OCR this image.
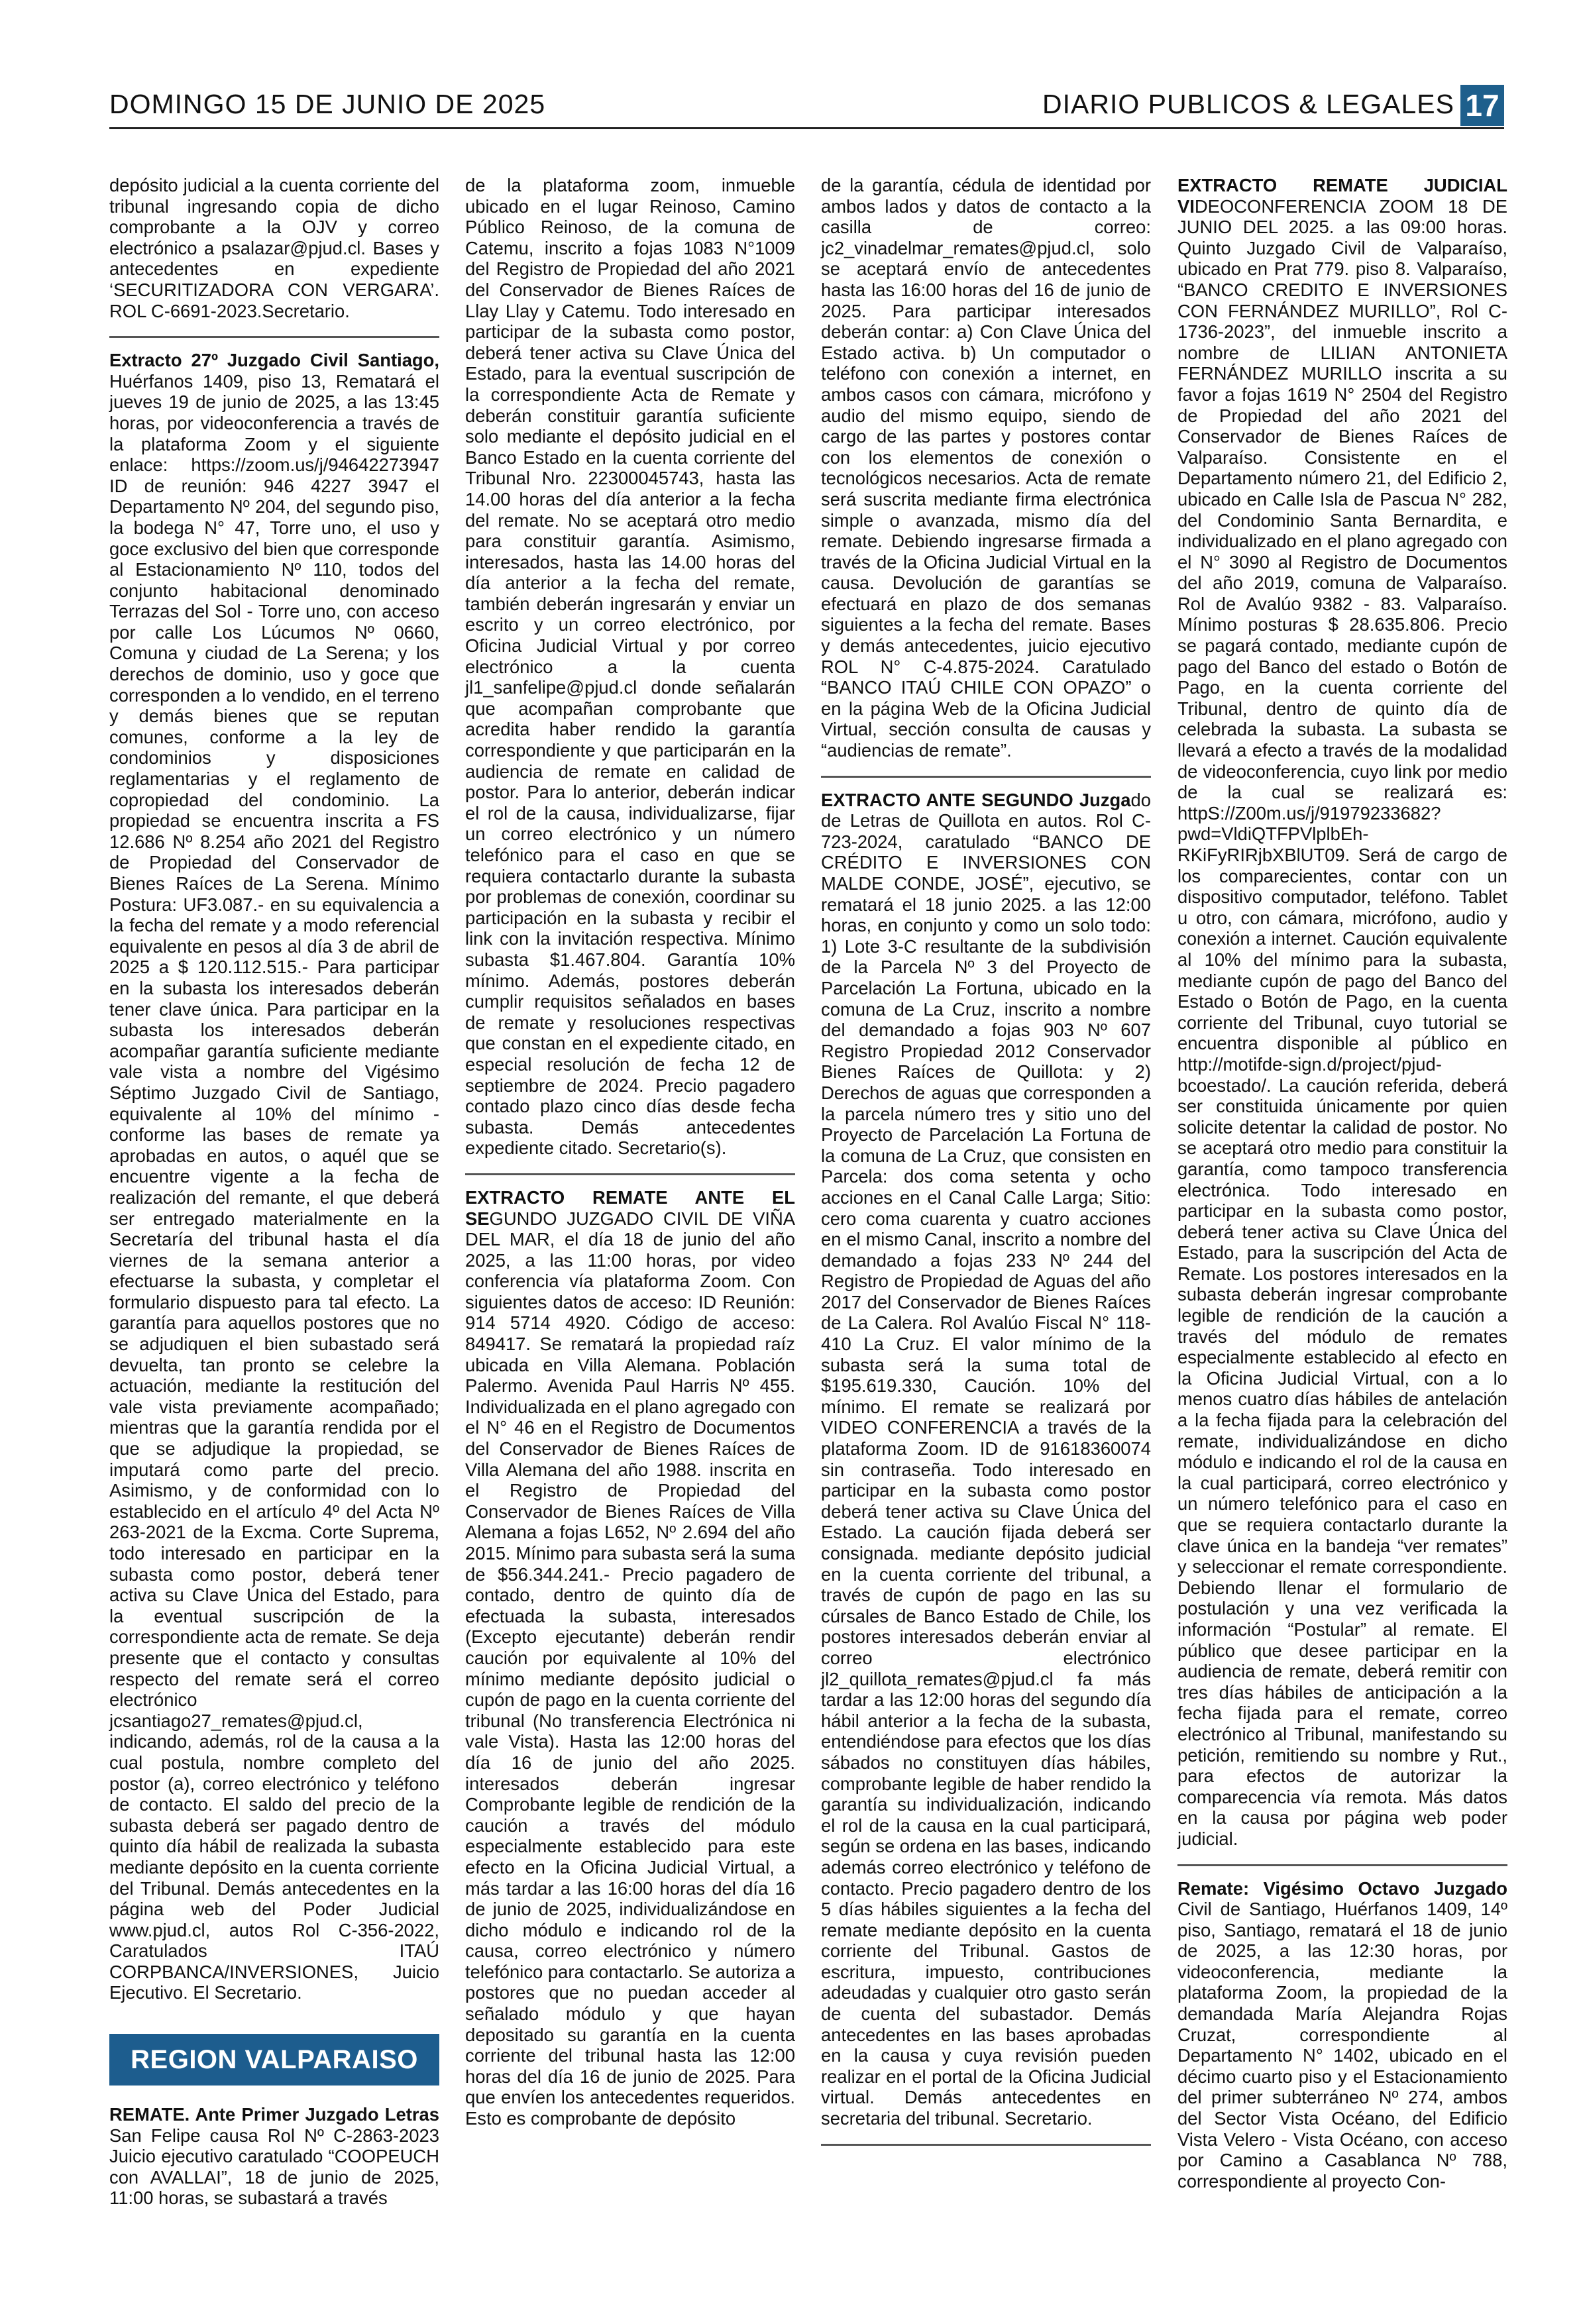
DOMINGO 15 DE JUNIO DE 2025	DIARIO PUBLICOS & LEGALES 17

depósito judicial a la cuenta corriente del tribunal ingresando copia de dicho comprobante a la OJV y correo electrónico a psalazar@pjud.cl. Bases y antecedentes en expediente ‘SECURITIZADORA CON VERGARA’. ROL C-6691-2023.Secretario.

Extracto 27º Juzgado Civil Santiago, Huérfanos 1409, piso 13, Rematará el jueves 19 de junio de 2025, a las 13:45 horas, por videoconferencia a través de la plataforma Zoom y el siguiente enlace: https://zoom.us/j/94642273947 ID de reunión: 946 4227 3947 el Departamento Nº 204, del segundo piso, la bodega N° 47, Torre uno, el uso y goce exclusivo del bien que corresponde al Estacionamiento Nº 110, todos del conjunto habitacional denominado Terrazas del Sol - Torre uno, con acceso por calle Los Lúcumos Nº 0660, Comuna y ciudad de La Serena; y los derechos de dominio, uso y goce que corresponden a lo vendido, en el terreno y demás bienes que se reputan comunes, conforme a la ley de condominios y disposiciones reglamentarias y el reglamento de copropiedad del condominio. La propiedad se encuentra inscrita a FS 12.686 Nº 8.254 año 2021 del Registro de Propiedad del Conservador de Bienes Raíces de La Serena. Mínimo Postura: UF3.087.- en su equivalencia a la fecha del remate y a modo referencial equivalente en pesos al día 3 de abril de 2025 a $ 120.112.515.- Para participar en la subasta los interesados deberán tener clave única. Para participar en la subasta los interesados deberán acompañar garantía suficiente mediante vale vista a nombre del Vigésimo Séptimo Juzgado Civil de Santiago, equivalente al 10% del mínimo -conforme las bases de remate ya aprobadas en autos, o aquél que se encuentre vigente a la fecha de realización del remante, el que deberá ser entregado materialmente en la Secretaría del tribunal hasta el día viernes de la semana anterior a efectuarse la subasta, y completar el formulario dispuesto para tal efecto. La garantía para aquellos postores que no se adjudiquen el bien subastado será devuelta, tan pronto se celebre la actuación, mediante la restitución del vale vista previamente acompañado; mientras que la garantía rendida por el que se adjudique la propiedad, se imputará como parte del precio. Asimismo, y de conformidad con lo establecido en el artículo 4º del Acta Nº 263-2021 de la Excma. Corte Suprema, todo interesado en participar en la subasta como postor, deberá tener activa su Clave Única del Estado, para la eventual suscripción de la correspondiente acta de remate. Se deja presente que el contacto y consultas respecto del remate será el correo electrónico jcsantiago27_remates@pjud.cl, indicando, además, rol de la causa a la cual postula, nombre completo del postor (a), correo electrónico y teléfono de contacto. El saldo del precio de la subasta deberá ser pagado dentro de quinto día hábil de realizada la subasta mediante depósito en la cuenta corriente del Tribunal. Demás antecedentes en la página web del Poder Judicial www.pjud.cl, autos Rol C-356-2022, Caratulados ITAÚ CORPBANCA/INVERSIONES, Juicio Ejecutivo. El Secretario.

REGION VALPARAISO

REMATE. Ante Primer Juzgado Letras San Felipe causa Rol Nº C-2863-2023 Juicio ejecutivo caratulado “COOPEUCH con AVALLAI”, 18 de junio de 2025, 11:00 horas, se subastará a través

de la plataforma zoom, inmueble ubicado en el lugar Reinoso, Camino Público Reinoso, de la comuna de Catemu, inscrito a fojas 1083 N°1009 del Registro de Propiedad del año 2021 del Conservador de Bienes Raíces de Llay Llay y Catemu. Todo interesado en participar de la subasta como postor, deberá tener activa su Clave Única del Estado, para la eventual suscripción de la correspondiente Acta de Remate y deberán constituir garantía suficiente solo mediante el depósito judicial en el Banco Estado en la cuenta corriente del Tribunal Nro. 22300045743, hasta las 14.00 horas del día anterior a la fecha del remate. No se aceptará otro medio para constituir garantía. Asimismo, interesados, hasta las 14.00 horas del día anterior a la fecha del remate, también deberán ingresarán y enviar un escrito y un correo electrónico, por Oficina Judicial Virtual y por correo electrónico a la cuenta jl1_sanfelipe@pjud.cl donde señalarán que acompañan comprobante que acredita haber rendido la garantía correspondiente y que participarán en la audiencia de remate en calidad de postor. Para lo anterior, deberán indicar el rol de la causa, individualizarse, fijar un correo electrónico y un número telefónico para el caso en que se requiera contactarlo durante la subasta por problemas de conexión, coordinar su participación en la subasta y recibir el link con la invitación respectiva. Mínimo subasta $1.467.804. Garantía 10% mínimo. Además, postores deberán cumplir requisitos señalados en bases de remate y resoluciones respectivas que constan en el expediente citado, en especial resolución de fecha 12 de septiembre de 2024. Precio pagadero contado plazo cinco días desde fecha subasta. Demás antecedentes expediente citado. Secretario(s).

EXTRACTO REMATE ANTE EL SEGUNDO JUZGADO CIVIL DE VIÑA DEL MAR, el día 18 de junio del año 2025, a las 11:00 horas, por video conferencia vía plataforma Zoom. Con siguientes datos de acceso: ID Reunión: 914 5714 4920. Código de acceso: 849417. Se rematará la propiedad raíz ubicada en Villa Alemana. Población Palermo. Avenida Paul Harris Nº 455. Individualizada en el plano agregado con el N° 46 en el Registro de Documentos del Conservador de Bienes Raíces de Villa Alemana del año 1988. inscrita en el Registro de Propiedad del Conservador de Bienes Raíces de Villa Alemana a fojas L652, Nº 2.694 del año 2015. Mínimo para subasta será la suma de $56.344.241.- Precio pagadero de contado, dentro de quinto día de efectuada la subasta, interesados (Excepto ejecutante) deberán rendir caución por equivalente al 10% del mínimo mediante depósito judicial o cupón de pago en la cuenta corriente del tribunal (No transferencia Electrónica ni vale Vista). Hasta las 12:00 horas del día 16 de junio del año 2025. interesados deberán ingresar Comprobante legible de rendición de la caución a través del módulo especialmente establecido para este efecto en la Oficina Judicial Virtual, a más tardar a las 16:00 horas del día 16 de junio de 2025, individualizándose en dicho módulo e indicando rol de la causa, correo electrónico y número telefónico para contactarlo. Se autoriza a postores que no puedan acceder al señalado módulo y que hayan depositado su garantía en la cuenta corriente del tribunal hasta las 12:00 horas del día 16 de junio de 2025. Para que envíen los antecedentes requeridos. Esto es comprobante de depósito

de la garantía, cédula de identidad por ambos lados y datos de contacto a la casilla de correo: jc2_vinadelmar_remates@pjud.cl, solo se aceptará envío de antecedentes hasta las 16:00 horas del 16 de junio de 2025. Para participar interesados deberán contar: a) Con Clave Única del Estado activa. b) Un computador o teléfono con conexión a internet, en ambos casos con cámara, micrófono y audio del mismo equipo, siendo de cargo de las partes y postores contar con los elementos de conexión o tecnológicos necesarios. Acta de remate será suscrita mediante firma electrónica simple o avanzada, mismo día del remate. Debiendo ingresarse firmada a través de la Oficina Judicial Virtual en la causa. Devolución de garantías se efectuará en plazo de dos semanas siguientes a la fecha del remate. Bases y demás antecedentes, juicio ejecutivo ROL N° C-4.875-2024. Caratulado “BANCO ITAÚ CHILE CON OPAZO” o en la página Web de la Oficina Judicial Virtual, sección consulta de causas y “audiencias de remate”.

EXTRACTO ANTE SEGUNDO Juzgado de Letras de Quillota en autos. Rol C-723-2024, caratulado “BANCO DE CRÉDITO E INVERSIONES CON MALDE CONDE, JOSÉ”, ejecutivo, se rematará el 18 junio 2025. a las 12:00 horas, en conjunto y como un solo todo: 1) Lote 3-C resultante de la subdivisión de la Parcela Nº 3 del Proyecto de Parcelación La Fortuna, ubicado en la comuna de La Cruz, inscrito a nombre del demandado a fojas 903 Nº 607 Registro Propiedad 2012 Conservador Bienes Raíces de Quillota: y 2) Derechos de aguas que corresponden a la parcela número tres y sitio uno del Proyecto de Parcelación La Fortuna de la comuna de La Cruz, que consisten en Parcela: dos coma setenta y ocho acciones en el Canal Calle Larga; Sitio: cero coma cuarenta y cuatro acciones en el mismo Canal, inscrito a nombre del demandado a fojas 233 Nº 244 del Registro de Propiedad de Aguas del año 2017 del Conservador de Bienes Raíces de La Calera. Rol Avalúo Fiscal N° 118-410 La Cruz. El valor mínimo de la subasta será la suma total de $195.619.330, Caución. 10% del mínimo. El remate se realizará por VIDEO CONFERENCIA a través de la plataforma Zoom. ID de 91618360074 sin contraseña. Todo interesado en participar en la subasta como postor deberá tener activa su Clave Única del Estado. La caución fijada deberá ser consignada. mediante depósito judicial en la cuenta corriente del tribunal, a través de cupón de pago en las su cúrsales de Banco Estado de Chile, los postores interesados deberán enviar al correo electrónico jl2_quillota_remates@pjud.cl fa más tardar a las 12:00 horas del segundo día hábil anterior a la fecha de la subasta, entendiéndose para efectos que los días sábados no constituyen días hábiles, comprobante legible de haber rendido la garantía su individualización, indicando el rol de la causa en la cual participará, según se ordena en las bases, indicando además correo electrónico y teléfono de contacto. Precio pagadero dentro de los 5 días hábiles siguientes a la fecha del remate mediante depósito en la cuenta corriente del Tribunal. Gastos de escritura, impuesto, contribuciones adeudadas y cualquier otro gasto serán de cuenta del subastador. Demás antecedentes en las bases aprobadas en la causa y cuya revisión pueden realizar en el portal de la Oficina Judicial virtual. Demás antecedentes en secretaria del tribunal. Secretario.

EXTRACTO REMATE JUDICIAL VIDEOCONFERENCIA ZOOM 18 DE JUNIO DEL 2025. a las 09:00 horas. Quinto Juzgado Civil de Valparaíso, ubicado en Prat 779. piso 8. Valparaíso, “BANCO CREDITO E INVERSIONES CON FERNÁNDEZ MURILLO”, Rol C-1736-2023”, del inmueble inscrito a nombre de LILIAN ANTONIETA FERNÁNDEZ MURILLO inscrita a su favor a fojas 1619 N° 2504 del Registro de Propiedad del año 2021 del Conservador de Bienes Raíces de Valparaíso. Consistente en el Departamento número 21, del Edificio 2, ubicado en Calle Isla de Pascua N° 282, del Condominio Santa Bernardita, e individualizado en el plano agregado con el N° 3090 al Registro de Documentos del año 2019, comuna de Valparaíso. Rol de Avalúo 9382 - 83. Valparaíso. Mínimo posturas $ 28.635.806. Precio se pagará contado, mediante cupón de pago del Banco del estado o Botón de Pago, en la cuenta corriente del Tribunal, dentro de quinto día de celebrada la subasta. La subasta se llevará a efecto a través de la modalidad de videoconferencia, cuyo link por medio de la cual se realizará es: httpS://Z00m.us/j/91979233682?pwd=VldiQTFPVlplbEh-RKiFyRIRjbXBlUT09. Será de cargo de los comparecientes, contar con un dispositivo computador, teléfono. Tablet u otro, con cámara, micrófono, audio y conexión a internet. Caución equivalente al 10% del mínimo para la subasta, mediante cupón de pago del Banco del Estado o Botón de Pago, en la cuenta corriente del Tribunal, cuyo tutorial se encuentra disponible al público en http://motifde-sign.d/project/pjud-bcoestado/. La caución referida, deberá ser constituida únicamente por quien solicite detentar la calidad de postor. No se aceptará otro medio para constituir la garantía, como tampoco transferencia electrónica. Todo interesado en participar en la subasta como postor, deberá tener activa su Clave Única del Estado, para la suscripción del Acta de Remate. Los postores interesados en la subasta deberán ingresar comprobante legible de rendición de la caución a través del módulo de remates especialmente establecido al efecto en la Oficina Judicial Virtual, con a lo menos cuatro días hábiles de antelación a la fecha fijada para la celebración del remate, individualizándose en dicho módulo e indicando el rol de la causa en la cual participará, correo electrónico y un número telefónico para el caso en que se requiera contactarlo durante la clave única en la bandeja “ver remates” y seleccionar el remate correspondiente. Debiendo llenar el formulario de postulación y una vez verificada la información “Postular” al remate. El público que desee participar en la audiencia de remate, deberá remitir con tres días hábiles de anticipación a la fecha fijada para el remate, correo electrónico al Tribunal, manifestando su petición, remitiendo su nombre y Rut., para efectos de autorizar la comparecencia vía remota. Más datos en la causa por página web poder judicial.

Remate: Vigésimo Octavo Juzgado Civil de Santiago, Huérfanos 1409, 14º piso, Santiago, rematará el 18 de junio de 2025, a las 12:30 horas, por videoconferencia, mediante la plataforma Zoom, la propiedad de la demandada María Alejandra Rojas Cruzat, correspondiente al Departamento N° 1402, ubicado en el décimo cuarto piso y el Estacionamiento del primer subterráneo Nº 274, ambos del Sector Vista Océano, del Edificio Vista Velero - Vista Océano, con acceso por Camino a Casablanca Nº 788, correspondiente al proyecto Con-
